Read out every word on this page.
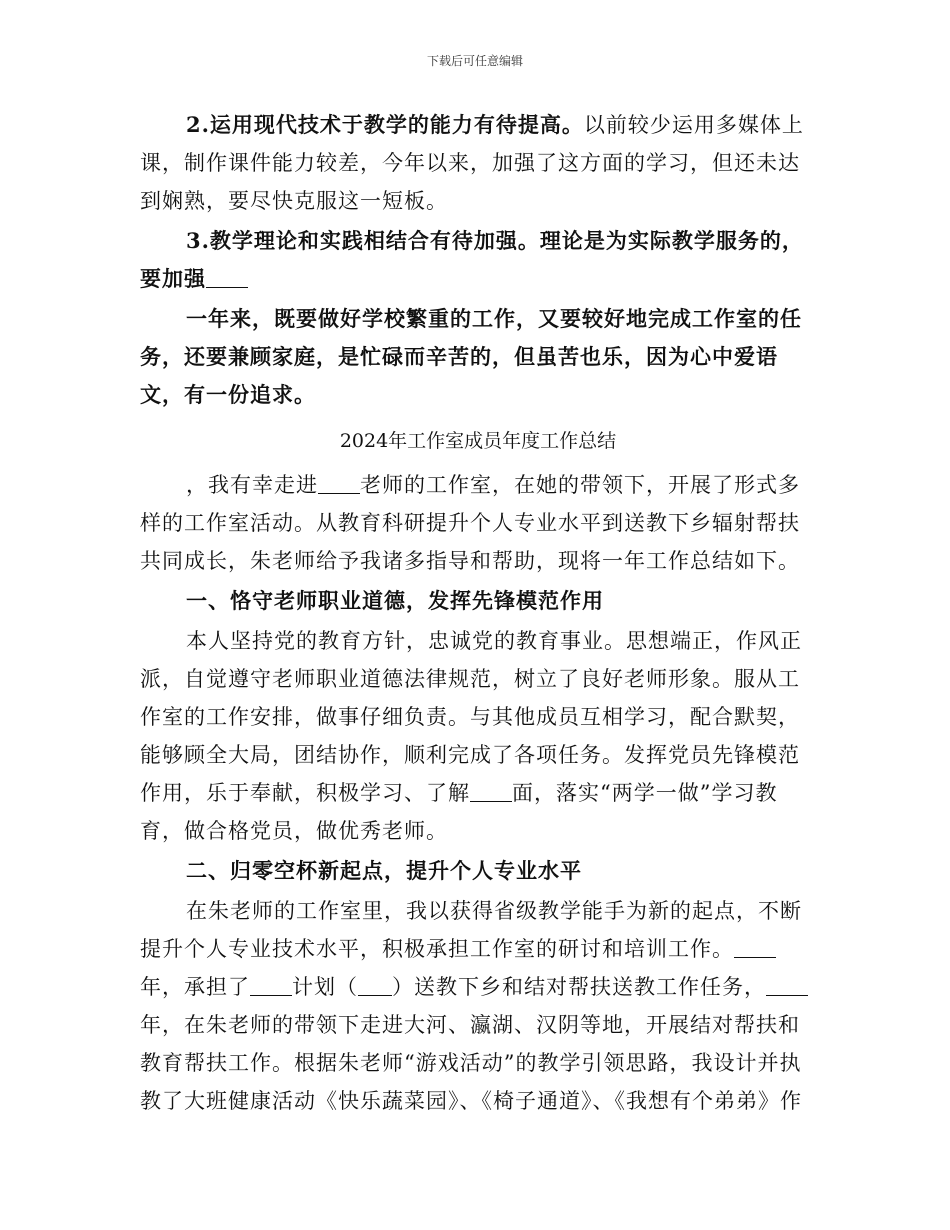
下载后可任意编辑

2.运用现代技术于教学的能力有待提高。以前较少运用多媒体上课，制作课件能力较差，今年以来，加强了这方面的学习，但还未达到娴熟，要尽快克服这一短板。

3.教学理论和实践相结合有待加强。理论是为实际教学服务的，要加强

一年来，既要做好学校繁重的工作，又要较好地完成工作室的任务，还要兼顾家庭，是忙碌而辛苦的，但虽苦也乐，因为心中爱语文，有一份追求。

2024年工作室成员年度工作总结

，我有幸走进 老师的工作室，在她的带领下，开展了形式多样的工作室活动。从教育科研提升个人专业水平到送教下乡辐射帮扶共同成长，朱老师给予我诸多指导和帮助，现将一年工作总结如下。

一、恪守老师职业道德，发挥先锋模范作用

本人坚持党的教育方针，忠诚党的教育事业。思想端正，作风正派，自觉遵守老师职业道德法律规范，树立了良好老师形象。服从工作室的工作安排，做事仔细负责。与其他成员互相学习，配合默契，能够顾全大局，团结协作，顺利完成了各项任务。发挥党员先锋模范作用，乐于奉献，积极学习、了解 面，落实“两学一做”学习教育，做合格党员，做优秀老师。

二、归零空杯新起点，提升个人专业水平

在朱老师的工作室里，我以获得省级教学能手为新的起点，不断提升个人专业技术水平，积极承担工作室的研讨和培训工作。年，承担了 计划（ ）送教下乡和结对帮扶送教工作任务，年，在朱老师的带领下走进大河、瀛湖、汉阴等地，开展结对帮扶和教育帮扶工作。根据朱老师“游戏活动”的教学引领思路，我设计并执教了大班健康活动《快乐蔬菜园》、《椅子通道》、《我想有个弟弟》作
